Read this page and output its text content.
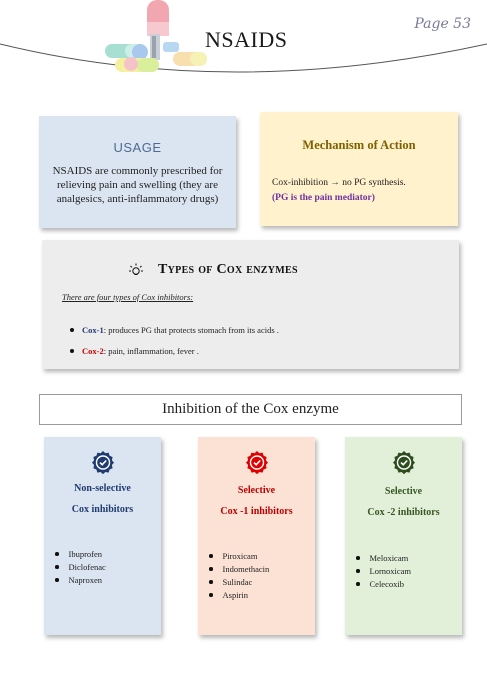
NSAIDS
Page 53
USAGE
NSAIDS are commonly prescribed for relieving pain and swelling (they are analgesics, anti-inflammatory drugs)
Mechanism of Action
Cox-inhibition → no PG synthesis.
(PG is the pain mediator)
Types of Cox enzymes
There are four types of Cox inhibitors:
Cox-1 : produces PG that protects stomach from its acids .
Cox-2 : pain, inflammation, fever .
Inhibition of the Cox enzyme
Non-selective
Cox inhibitors
Ibuprofen
Diclofenac
Naproxen
Selective
Cox -1 inhibitors
Piroxicam
Indomethacin
Sulindac
Aspirin
Selective
Cox -2 inhibitors
Meloxicam
Lornoxicam
Celecoxib
